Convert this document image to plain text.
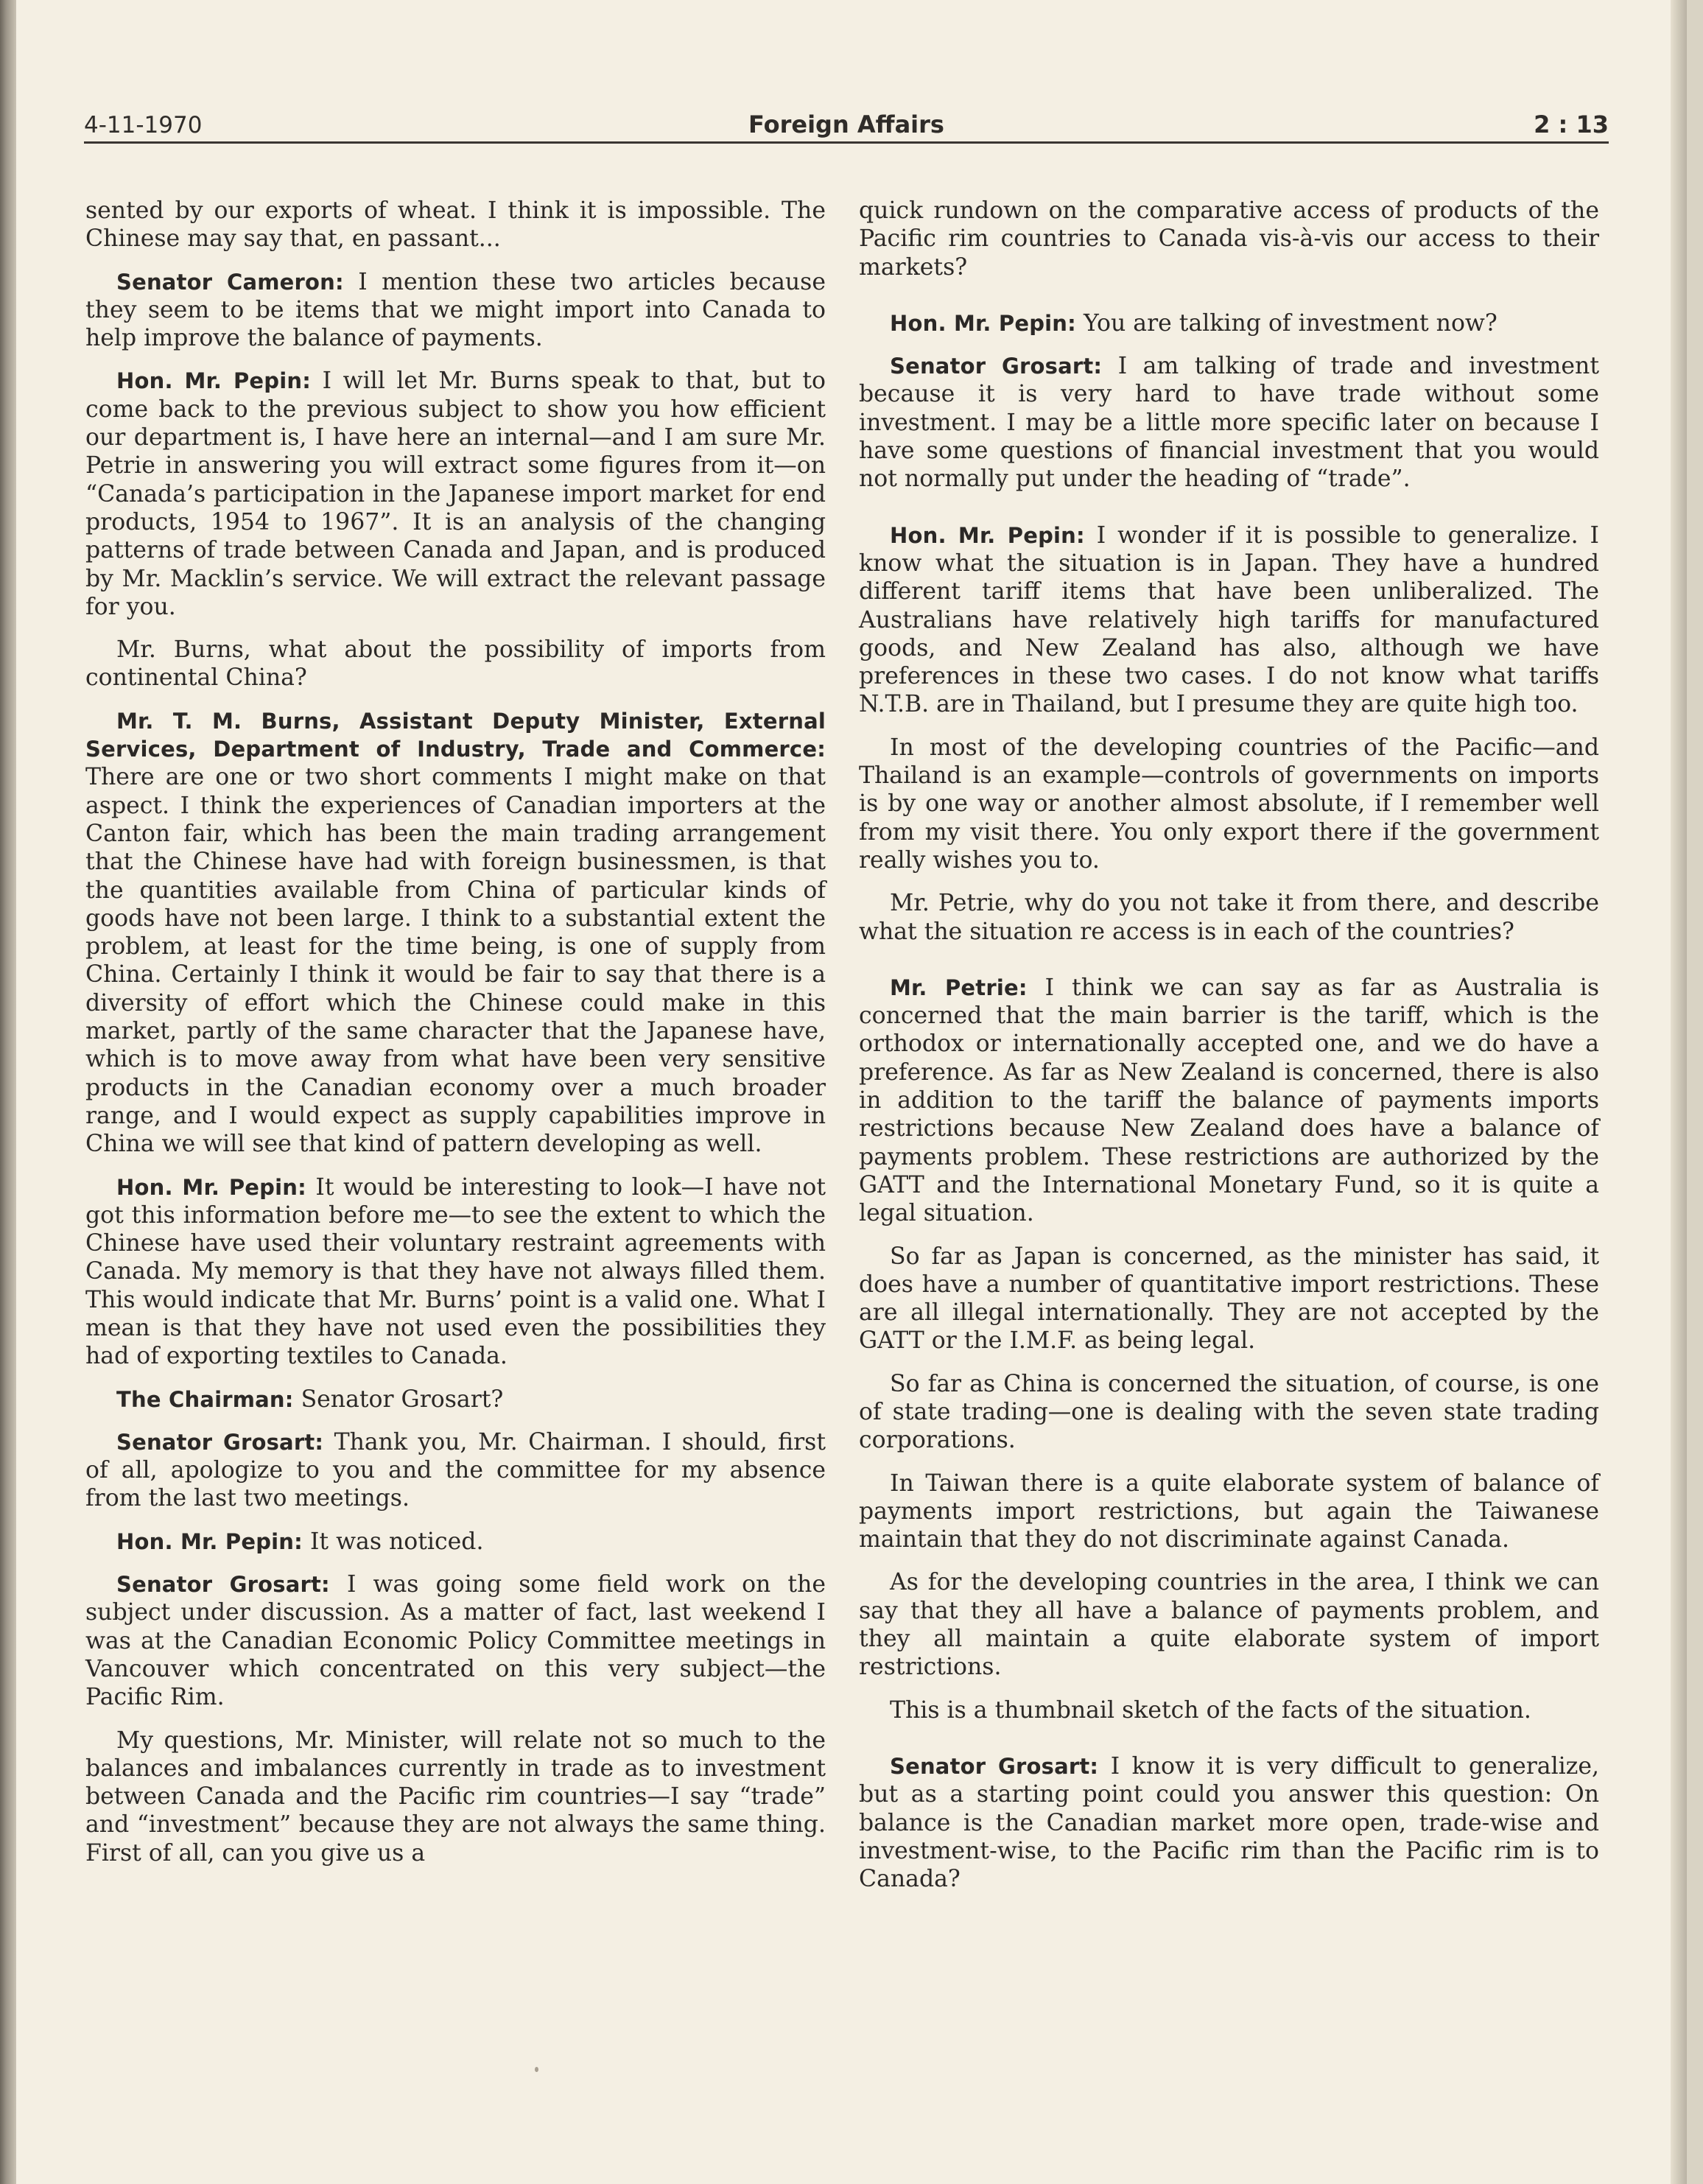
4-11-1970	Foreign Affairs	2 : 13

sented by our exports of wheat. I think it is impossible. The Chinese may say that, en passant...

Senator Cameron: I mention these two articles because they seem to be items that we might import into Canada to help improve the balance of payments.

Hon. Mr. Pepin: I will let Mr. Burns speak to that, but to come back to the previous subject to show you how efficient our department is, I have here an internal—and I am sure Mr. Petrie in answering you will extract some figures from it—on “Canada’s participation in the Japanese import market for end products, 1954 to 1967”. It is an analysis of the changing patterns of trade between Canada and Japan, and is produced by Mr. Macklin’s service. We will extract the relevant passage for you.

Mr. Burns, what about the possibility of imports from continental China?

Mr. T. M. Burns, Assistant Deputy Minister, External Services, Department of Industry, Trade and Commerce: There are one or two short comments I might make on that aspect. I think the experiences of Canadian importers at the Canton fair, which has been the main trading arrangement that the Chinese have had with foreign businessmen, is that the quantities available from China of particular kinds of goods have not been large. I think to a substantial extent the problem, at least for the time being, is one of supply from China. Certainly I think it would be fair to say that there is a diversity of effort which the Chinese could make in this market, partly of the same character that the Japanese have, which is to move away from what have been very sensitive products in the Canadian economy over a much broader range, and I would expect as supply capabilities improve in China we will see that kind of pattern developing as well.

Hon. Mr. Pepin: It would be interesting to look—I have not got this information before me—to see the extent to which the Chinese have used their voluntary restraint agreements with Canada. My memory is that they have not always filled them. This would indicate that Mr. Burns’ point is a valid one. What I mean is that they have not used even the possibilities they had of exporting textiles to Canada.

The Chairman: Senator Grosart?

Senator Grosart: Thank you, Mr. Chairman. I should, first of all, apologize to you and the committee for my absence from the last two meetings.

Hon. Mr. Pepin: It was noticed.

Senator Grosart: I was going some field work on the subject under discussion. As a matter of fact, last weekend I was at the Canadian Economic Policy Committee meetings in Vancouver which concentrated on this very subject—the Pacific Rim.

My questions, Mr. Minister, will relate not so much to the balances and imbalances currently in trade as to investment between Canada and the Pacific rim countries—I say “trade” and “investment” because they are not always the same thing. First of all, can you give us a

quick rundown on the comparative access of products of the Pacific rim countries to Canada vis-à-vis our access to their markets?

Hon. Mr. Pepin: You are talking of investment now?

Senator Grosart: I am talking of trade and investment because it is very hard to have trade without some investment. I may be a little more specific later on because I have some questions of financial investment that you would not normally put under the heading of “trade”.

Hon. Mr. Pepin: I wonder if it is possible to generalize. I know what the situation is in Japan. They have a hundred different tariff items that have been unliberalized. The Australians have relatively high tariffs for manufactured goods, and New Zealand has also, although we have preferences in these two cases. I do not know what tariffs N.T.B. are in Thailand, but I presume they are quite high too.

In most of the developing countries of the Pacific—and Thailand is an example—controls of governments on imports is by one way or another almost absolute, if I remember well from my visit there. You only export there if the government really wishes you to.

Mr. Petrie, why do you not take it from there, and describe what the situation re access is in each of the countries?

Mr. Petrie: I think we can say as far as Australia is concerned that the main barrier is the tariff, which is the orthodox or internationally accepted one, and we do have a preference. As far as New Zealand is concerned, there is also in addition to the tariff the balance of payments imports restrictions because New Zealand does have a balance of payments problem. These restrictions are authorized by the GATT and the International Monetary Fund, so it is quite a legal situation.

So far as Japan is concerned, as the minister has said, it does have a number of quantitative import restrictions. These are all illegal internationally. They are not accepted by the GATT or the I.M.F. as being legal.

So far as China is concerned the situation, of course, is one of state trading—one is dealing with the seven state trading corporations.

In Taiwan there is a quite elaborate system of balance of payments import restrictions, but again the Taiwanese maintain that they do not discriminate against Canada.

As for the developing countries in the area, I think we can say that they all have a balance of payments problem, and they all maintain a quite elaborate system of import restrictions.

This is a thumbnail sketch of the facts of the situation.

Senator Grosart: I know it is very difficult to generalize, but as a starting point could you answer this question: On balance is the Canadian market more open, trade-wise and investment-wise, to the Pacific rim than the Pacific rim is to Canada?
